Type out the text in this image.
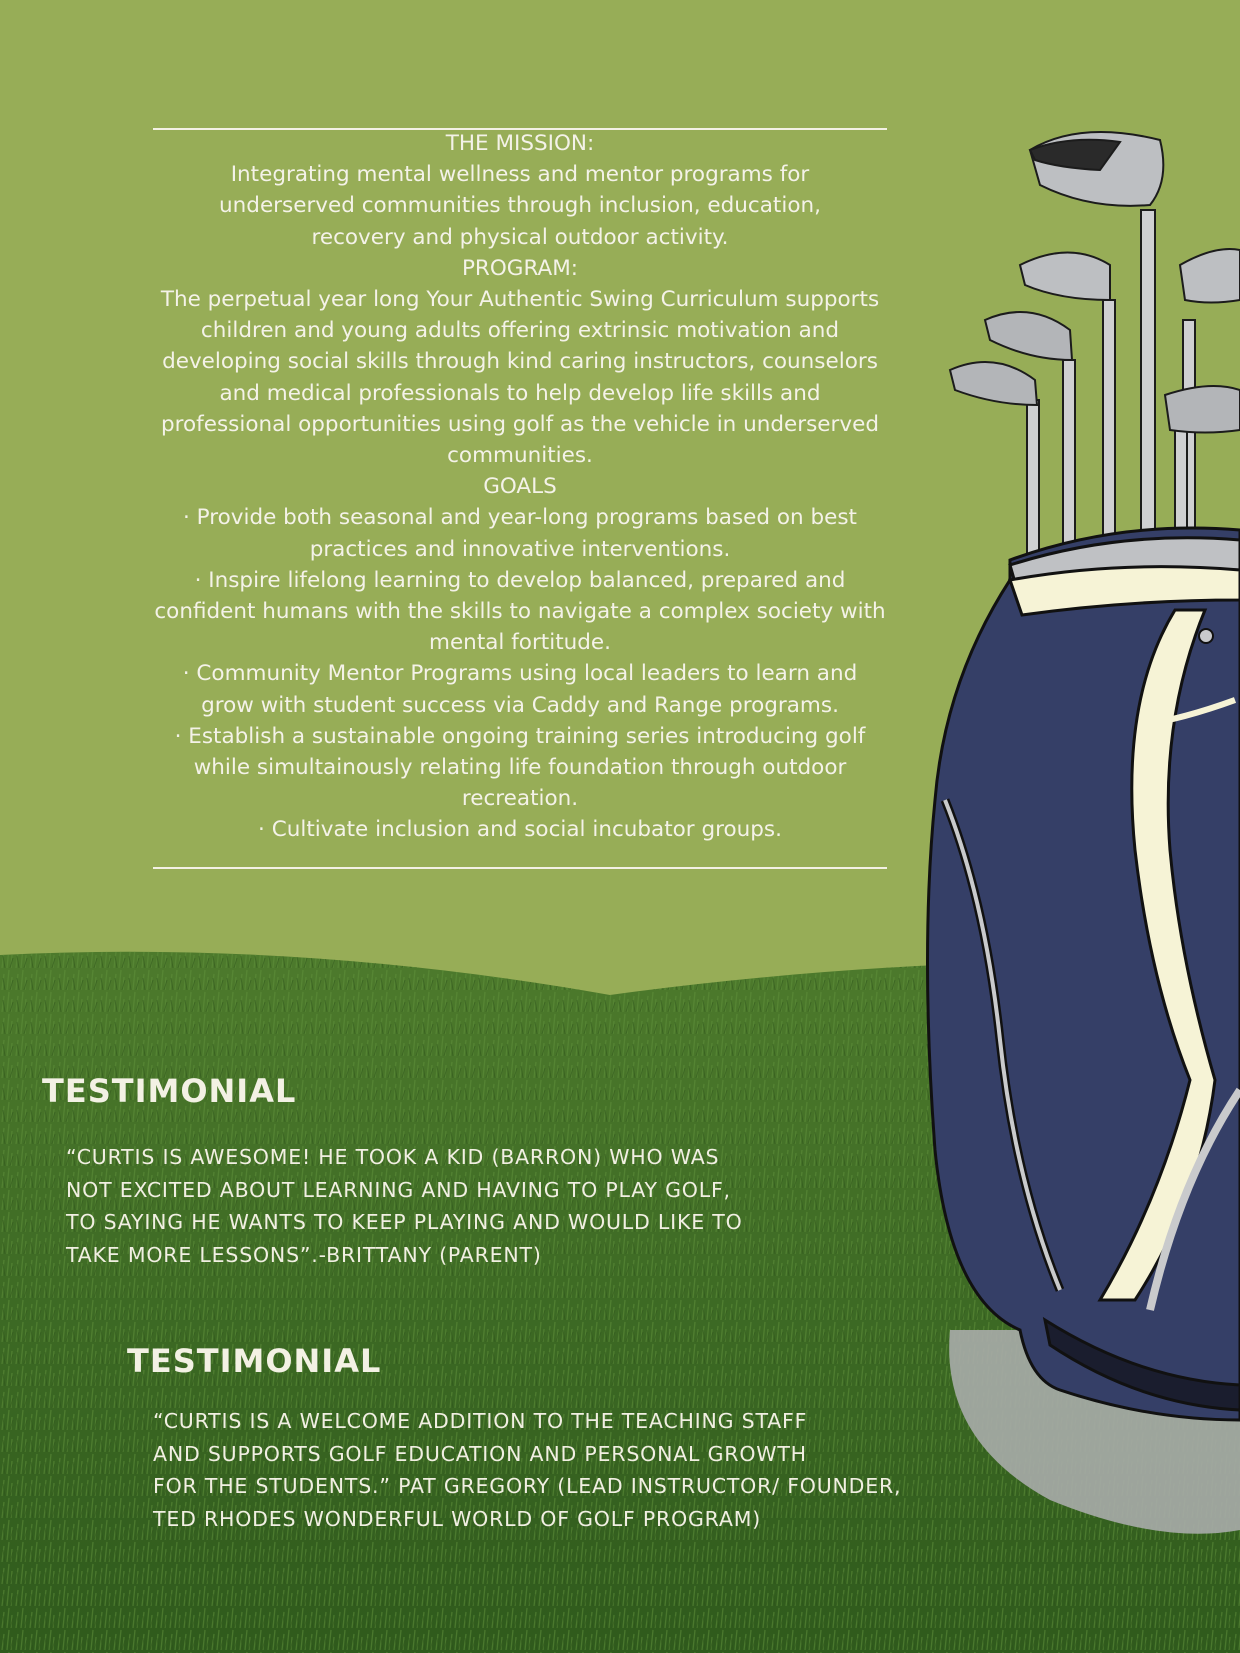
THE MISSION:

Integrating mental wellness and mentor programs for underserved communities through inclusion, education, recovery and physical outdoor activity.

PROGRAM:

The perpetual year long Your Authentic Swing Curriculum supports children and young adults offering extrinsic motivation and developing social skills through kind caring instructors, counselors and medical professionals to help develop life skills and professional opportunities using golf as the vehicle in underserved communities.

GOALS

· Provide both seasonal and year-long programs based on best practices and innovative interventions.

· Inspire lifelong learning to develop balanced, prepared and confident humans with the skills to navigate a complex society with mental fortitude.

· Community Mentor Programs using local leaders to learn and grow with student success via Caddy and Range programs.

· Establish a sustainable ongoing training series introducing golf while simultainously relating life foundation through outdoor recreation.

· Cultivate inclusion and social incubator groups.

TESTIMONIAL
“CURTIS IS AWESOME! HE TOOK A KID (BARRON) WHO WAS
NOT EXCITED ABOUT LEARNING AND HAVING TO PLAY GOLF,
TO SAYING HE WANTS TO KEEP PLAYING AND WOULD LIKE TO
TAKE MORE LESSONS”.-BRITTANY (PARENT)
TESTIMONIAL
“CURTIS IS A WELCOME ADDITION TO THE TEACHING STAFF
AND SUPPORTS GOLF EDUCATION AND PERSONAL GROWTH
FOR THE STUDENTS.” PAT GREGORY (LEAD INSTRUCTOR/ FOUNDER,
TED RHODES WONDERFUL WORLD OF GOLF PROGRAM)
